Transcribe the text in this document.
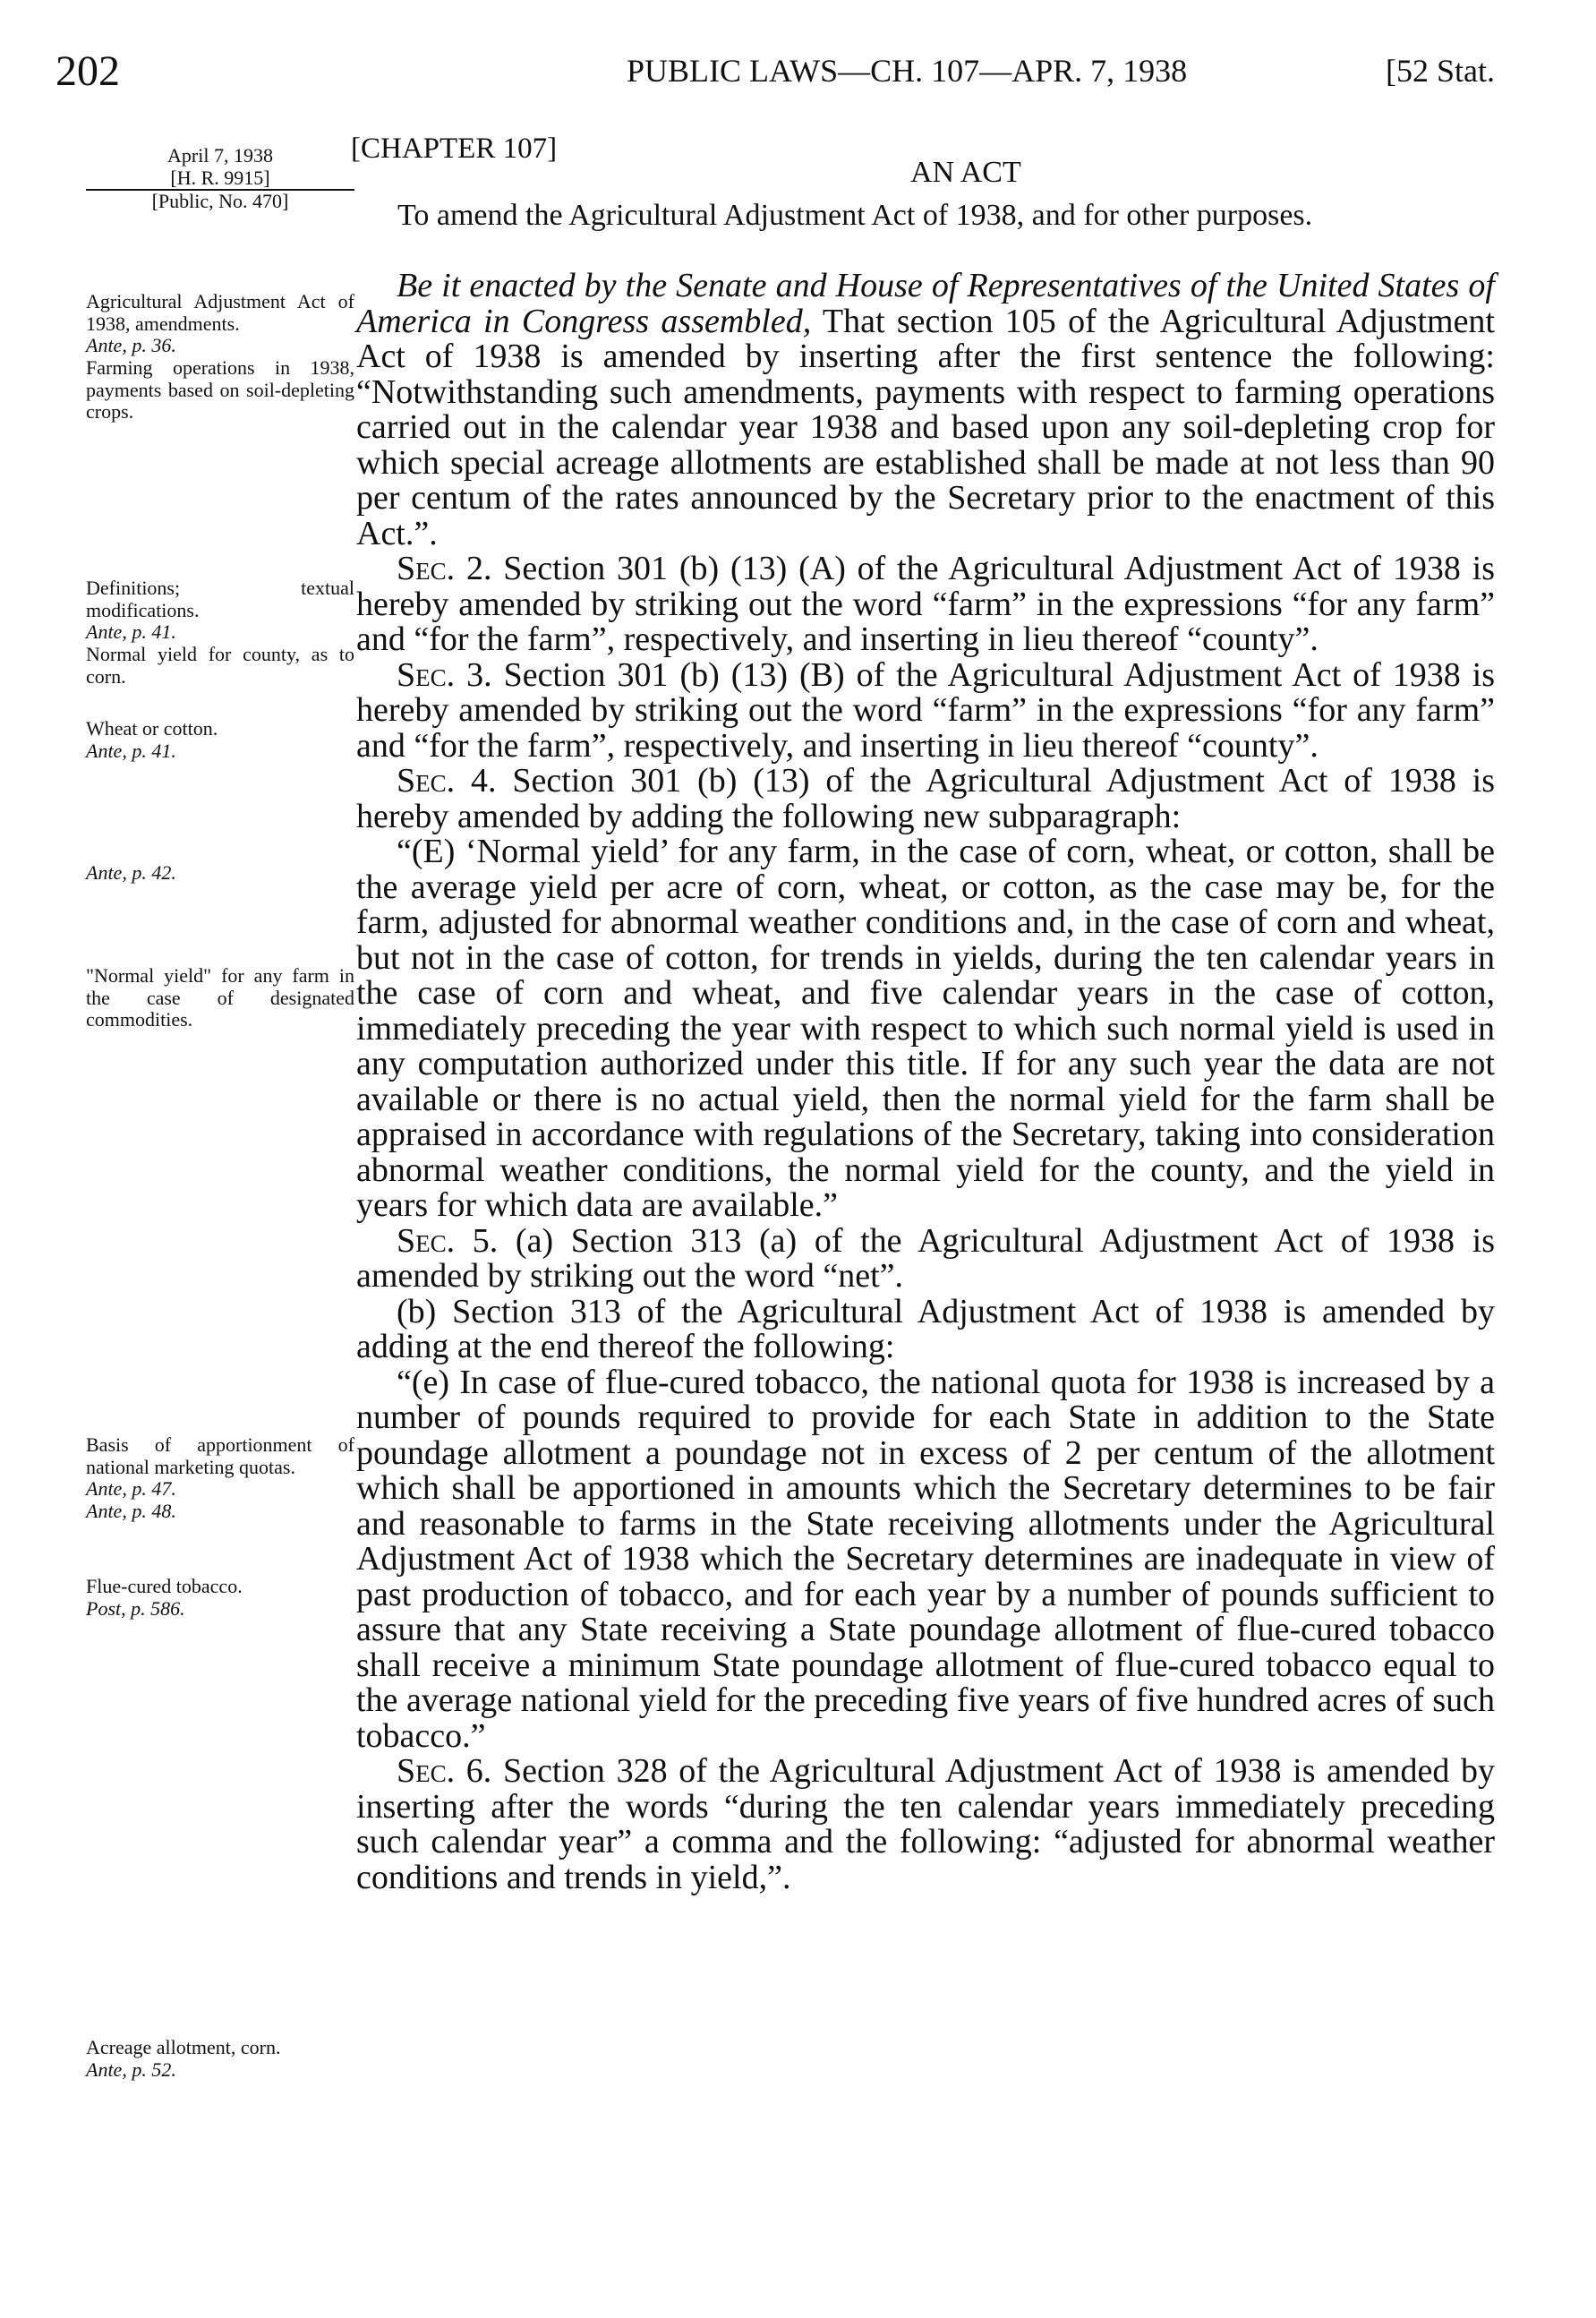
202	PUBLIC LAWS—CH. 107—APR. 7, 1938	[52 Stat.
[CHAPTER 107]
AN ACT
To amend the Agricultural Adjustment Act of 1938, and for other purposes.
April 7, 1938
[H. R. 9915]
[Public, No. 470]
Agricultural Adjustment Act of 1938, amendments.
Ante, p. 36.
Farming operations in 1938, payments based on soil-depleting crops.
Definitions; textual modifications.
Ante, p. 41.
Normal yield for county, as to corn.
Wheat or cotton.
Ante, p. 41.
Ante, p. 42.
"Normal yield" for any farm in the case of designated commodities.
Basis of apportionment of national marketing quotas.
Ante, p. 47.
Ante, p. 48.
Flue-cured tobacco.
Post, p. 586.
Acreage allotment, corn.
Ante, p. 52.

Be it enacted by the Senate and House of Representatives of the United States of America in Congress assembled, That section 105 of the Agricultural Adjustment Act of 1938 is amended by inserting after the first sentence the following: “Notwithstanding such amendments, payments with respect to farming operations carried out in the calendar year 1938 and based upon any soil-depleting crop for which special acreage allotments are established shall be made at not less than 90 per centum of the rates announced by the Secretary prior to the enactment of this Act.”.

Sec. 2. Section 301 (b) (13) (A) of the Agricultural Adjustment Act of 1938 is hereby amended by striking out the word “farm” in the expressions “for any farm” and “for the farm”, respectively, and inserting in lieu thereof “county”.

Sec. 3. Section 301 (b) (13) (B) of the Agricultural Adjustment Act of 1938 is hereby amended by striking out the word “farm” in the expressions “for any farm” and “for the farm”, respectively, and inserting in lieu thereof “county”.

Sec. 4. Section 301 (b) (13) of the Agricultural Adjustment Act of 1938 is hereby amended by adding the following new subparagraph:

“(E) ‘Normal yield’ for any farm, in the case of corn, wheat, or cotton, shall be the average yield per acre of corn, wheat, or cotton, as the case may be, for the farm, adjusted for abnormal weather conditions and, in the case of corn and wheat, but not in the case of cotton, for trends in yields, during the ten calendar years in the case of corn and wheat, and five calendar years in the case of cotton, immediately preceding the year with respect to which such normal yield is used in any computation authorized under this title. If for any such year the data are not available or there is no actual yield, then the normal yield for the farm shall be appraised in accordance with regulations of the Secretary, taking into consideration abnormal weather conditions, the normal yield for the county, and the yield in years for which data are available.”

Sec. 5. (a) Section 313 (a) of the Agricultural Adjustment Act of 1938 is amended by striking out the word “net”.

(b) Section 313 of the Agricultural Adjustment Act of 1938 is amended by adding at the end thereof the following:

“(e) In case of flue-cured tobacco, the national quota for 1938 is increased by a number of pounds required to provide for each State in addition to the State poundage allotment a poundage not in excess of 2 per centum of the allotment which shall be apportioned in amounts which the Secretary determines to be fair and reasonable to farms in the State receiving allotments under the Agricultural Adjustment Act of 1938 which the Secretary determines are inadequate in view of past production of tobacco, and for each year by a number of pounds sufficient to assure that any State receiving a State poundage allotment of flue-cured tobacco shall receive a minimum State poundage allotment of flue-cured tobacco equal to the average national yield for the preceding five years of five hundred acres of such tobacco.”

Sec. 6. Section 328 of the Agricultural Adjustment Act of 1938 is amended by inserting after the words “during the ten calendar years immediately preceding such calendar year” a comma and the following: “adjusted for abnormal weather conditions and trends in yield,”.
